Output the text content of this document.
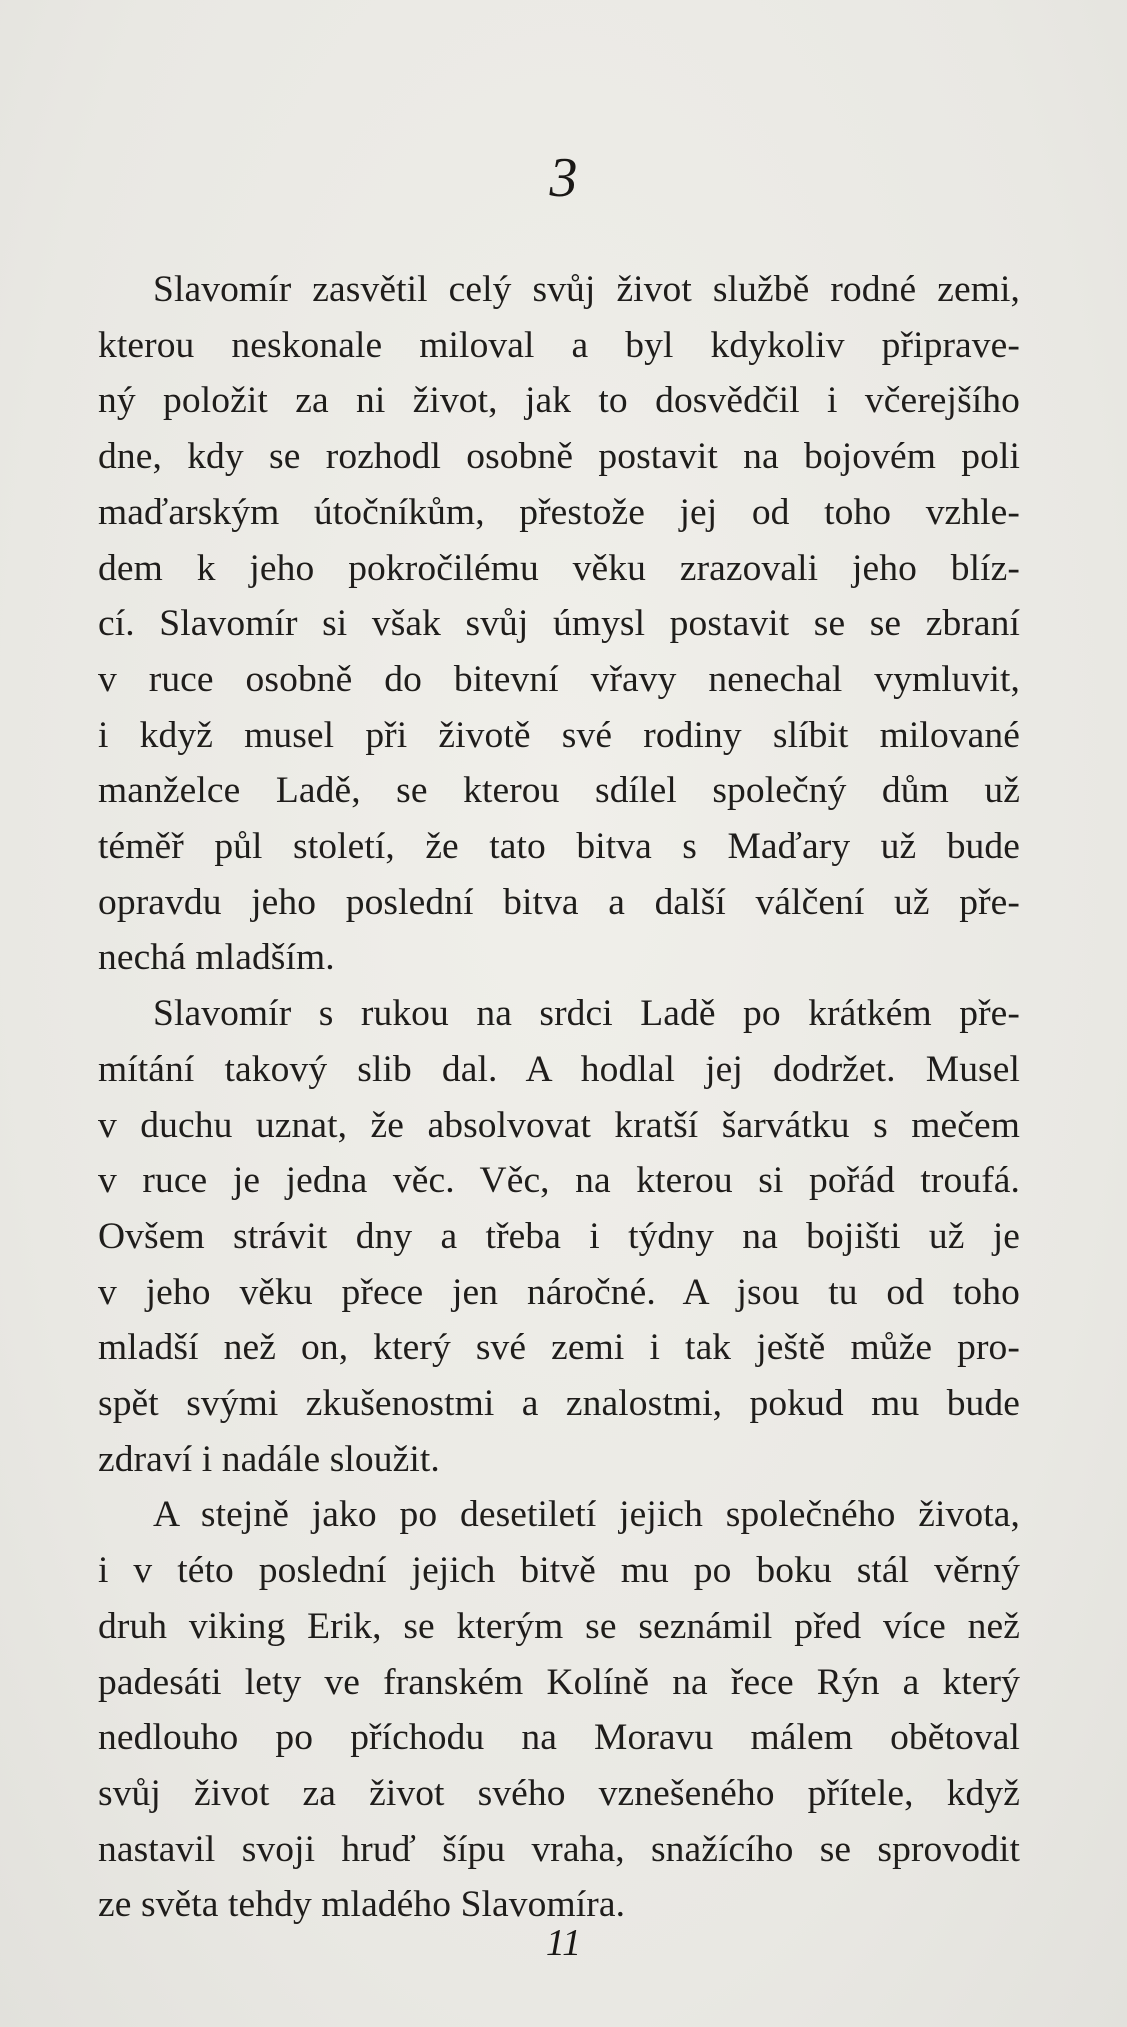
3
Slavomír zasvětil celý svůj život službě rodné zemi,
kterou neskonale miloval a byl kdykoliv připrave-
ný položit za ni život, jak to dosvědčil i včerejšího
dne, kdy se rozhodl osobně postavit na bojovém poli
maďarským útočníkům, přestože jej od toho vzhle-
dem k jeho pokročilému věku zrazovali jeho blíz-
cí. Slavomír si však svůj úmysl postavit se se zbraní
v ruce osobně do bitevní vřavy nenechal vymluvit,
i když musel při životě své rodiny slíbit milované
manželce Ladě, se kterou sdílel společný dům už
téměř půl století, že tato bitva s Maďary už bude
opravdu jeho poslední bitva a další válčení už pře-
nechá mladším.
Slavomír s rukou na srdci Ladě po krátkém pře-
mítání takový slib dal. A hodlal jej dodržet. Musel
v duchu uznat, že absolvovat kratší šarvátku s mečem
v ruce je jedna věc. Věc, na kterou si pořád troufá.
Ovšem strávit dny a třeba i týdny na bojišti už je
v jeho věku přece jen náročné. A jsou tu od toho
mladší než on, který své zemi i tak ještě může pro-
spět svými zkušenostmi a znalostmi, pokud mu bude
zdraví i nadále sloužit.
A stejně jako po desetiletí jejich společného života,
i v této poslední jejich bitvě mu po boku stál věrný
druh viking Erik, se kterým se seznámil před více než
padesáti lety ve franském Kolíně na řece Rýn a který
nedlouho po příchodu na Moravu málem obětoval
svůj život za život svého vznešeného přítele, když
nastavil svoji hruď šípu vraha, snažícího se sprovodit
ze světa tehdy mladého Slavomíra.
11
